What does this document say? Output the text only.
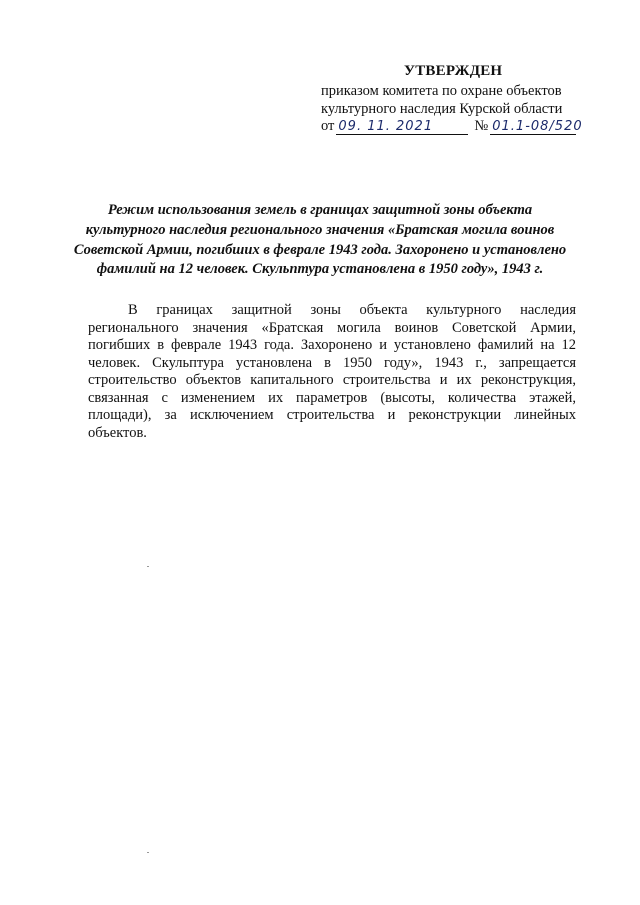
УТВЕРЖДЕН
приказом комитета по охране объектов
культурного наследия Курской области
от 09. 11. 2021	№ 01.1-08/520
Режим использования земель в границах защитной зоны объекта культурного наследия регионального значения «Братская могила воинов Советской Армии, погибших в феврале 1943 года. Захоронено и установлено фамилий на 12 человек. Скульптура установлена в 1950 году», 1943 г.
В границах защитной зоны объекта культурного наследия регионального значения «Братская могила воинов Советской Армии, погибших в феврале 1943 года. Захоронено и установлено фамилий на 12 человек. Скульптура установлена в 1950 году», 1943 г., запрещается строительство объектов капитального строительства и их реконструкция, связанная с изменением их параметров (высоты, количества этажей, площади), за исключением строительства и реконструкции линейных объектов.
